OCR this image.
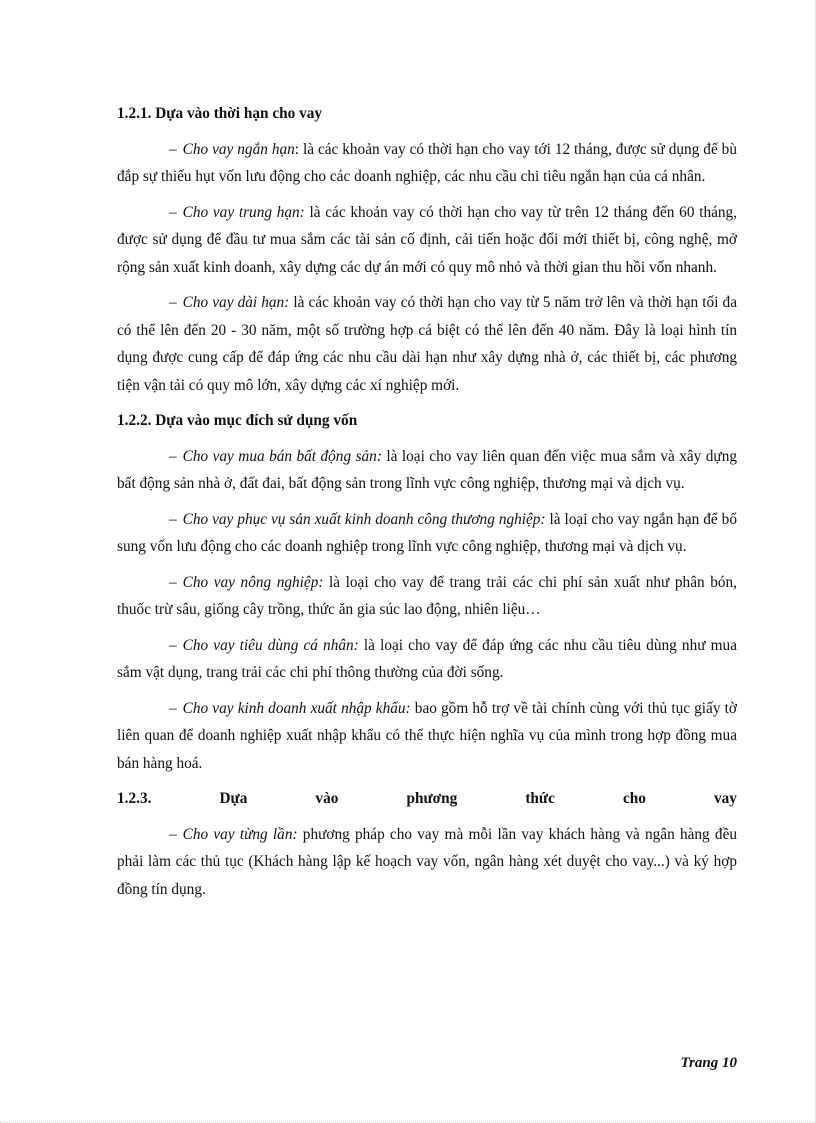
1.2.1. Dựa vào thời hạn cho vay

– Cho vay ngắn hạn: là các khoản vay có thời hạn cho vay tới 12 tháng, được sử dụng để bù đắp sự thiếu hụt vốn lưu động cho các doanh nghiệp, các nhu cầu chi tiêu ngắn hạn của cá nhân.

– Cho vay trung hạn: là các khoản vay có thời hạn cho vay từ trên 12 tháng đến 60 tháng, được sử dụng để đầu tư mua sắm các tài sản cố định, cải tiến hoặc đổi mới thiết bị, công nghệ, mở rộng sản xuất kinh doanh, xây dựng các dự án mới có quy mô nhỏ và thời gian thu hồi vốn nhanh.

– Cho vay dài hạn: là các khoản vay có thời hạn cho vay từ 5 năm trở lên và thời hạn tối đa có thể lên đến 20 - 30 năm, một số trường hợp cá biệt có thể lên đến 40 năm. Đây là loại hình tín dụng được cung cấp để đáp ứng các nhu cầu dài hạn như xây dựng nhà ở, các thiết bị, các phương tiện vận tải có quy mô lớn, xây dựng các xí nghiệp mới.

1.2.2. Dựa vào mục đích sử dụng vốn

– Cho vay mua bán bất động sản: là loại cho vay liên quan đến việc mua sắm và xây dựng bất động sản nhà ở, đất đai, bất động sản trong lĩnh vực công nghiệp, thương mại và dịch vụ.

– Cho vay phục vụ sản xuất kinh doanh công thương nghiệp: là loại cho vay ngắn hạn để bổ sung vốn lưu động cho các doanh nghiệp trong lĩnh vực công nghiệp, thương mại và dịch vụ.

– Cho vay nông nghiệp: là loại cho vay để trang trải các chi phí sản xuất như phân bón, thuốc trừ sâu, giống cây trồng, thức ăn gia súc lao động, nhiên liệu…

– Cho vay tiêu dùng cá nhân: là loại cho vay để đáp ứng các nhu cầu tiêu dùng như mua sắm vật dụng, trang trải các chi phí thông thường của đời sống.

– Cho vay kinh doanh xuất nhập khẩu: bao gồm hỗ trợ về tài chính cùng với thủ tục giấy tờ liên quan để doanh nghiệp xuất nhập khẩu có thể thực hiện nghĩa vụ của mình trong hợp đồng mua bán hàng hoá.

1.2.3.	Dựa	vào	phương	thức	cho	vay

– Cho vay từng lần: phương pháp cho vay mà mỗi lần vay khách hàng và ngân hàng đều phải làm các thủ tục (Khách hàng lập kế hoạch vay vốn, ngân hàng xét duyệt cho vay...) và ký hợp đồng tín dụng.

Trang 10
